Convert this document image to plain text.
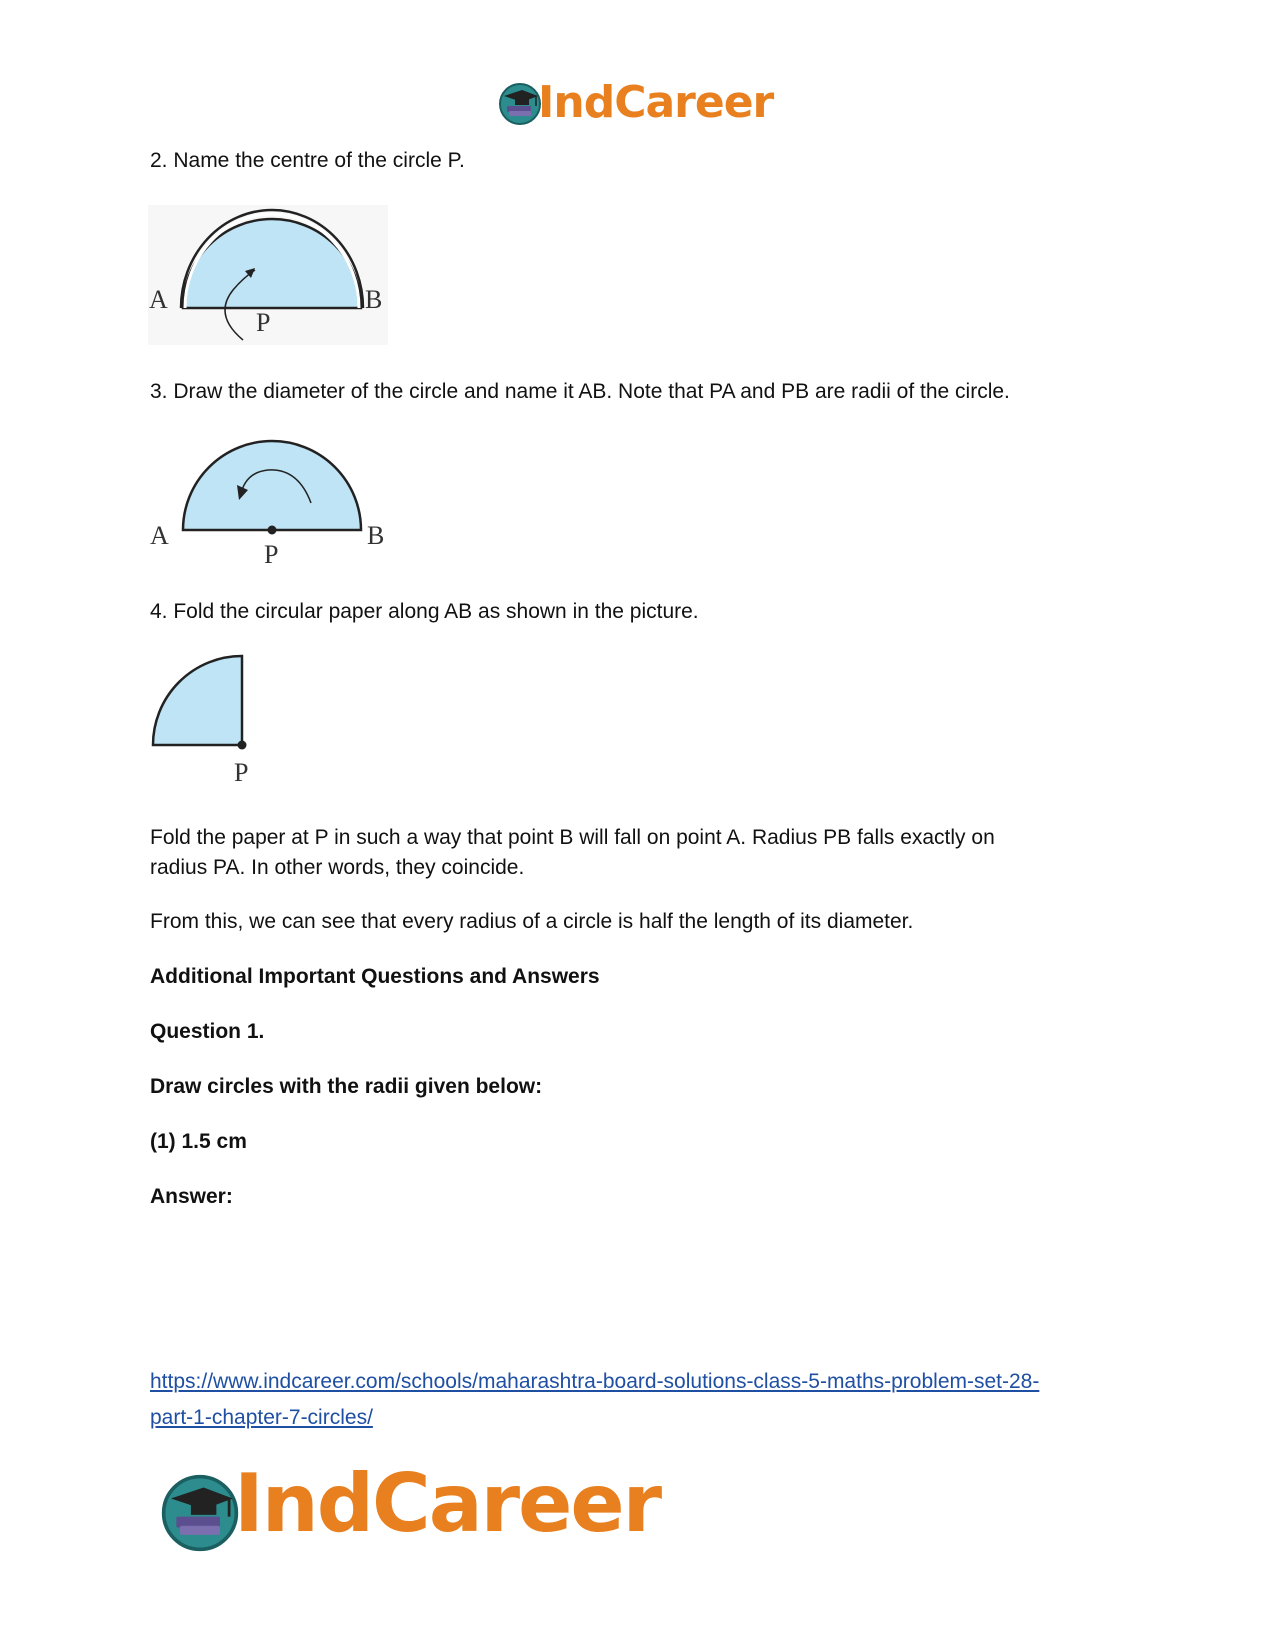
IndCareer
2. Name the centre of the circle P.
A	B
P
3. Draw the diameter of the circle and name it AB. Note that PA and PB are radii of the circle.
A	B
P
4. Fold the circular paper along AB as shown in the picture.
P
Fold the paper at P in such a way that point B will fall on point A. Radius PB falls exactly on
radius PA. In other words, they coincide.
From this, we can see that every radius of a circle is half the length of its diameter.
Additional Important Questions and Answers
Question 1.
Draw circles with the radii given below:
(1) 1.5 cm
Answer:
https://www.indcareer.com/schools/maharashtra-board-solutions-class-5-maths-problem-set-28-
part-1-chapter-7-circles/
IndCareer
